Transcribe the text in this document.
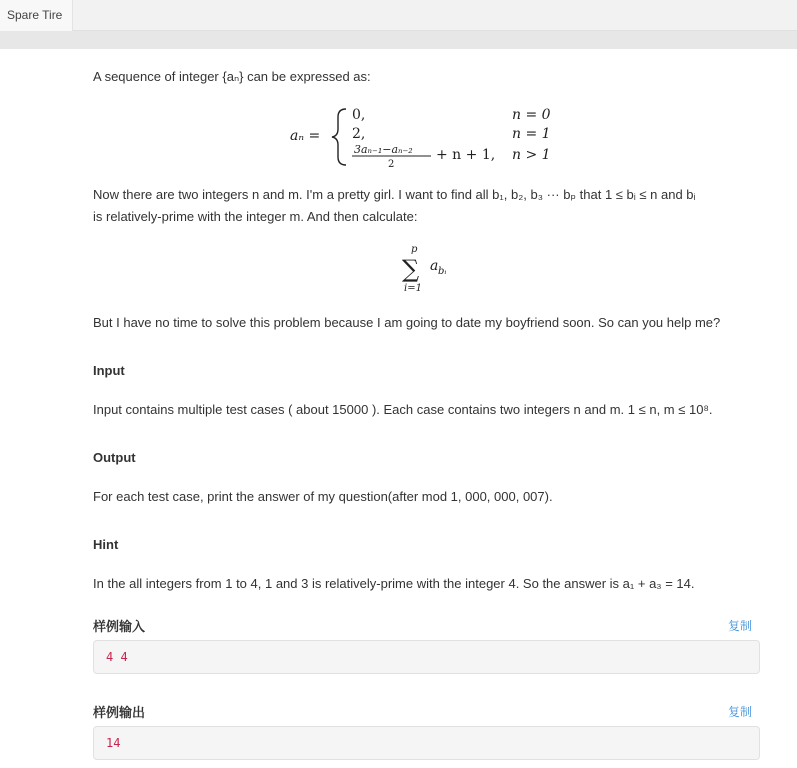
Spare Tire
A sequence of integer {aₙ} can be expressed as:
aₙ =
0,	n = 0
2,	n = 1
3aₙ₋₁−aₙ₋₂
2
+ n + 1, n > 1
Now there are two integers n and m. I'm a pretty girl. I want to find all b₁, b₂, b₃ ··· bₚ that 1 ≤ bᵢ ≤ n and bᵢ
is relatively-prime with the integer m. And then calculate:
p
∑
i=1
a bᵢ
But I have no time to solve this problem because I am going to date my boyfriend soon. So can you help me?
Input
Input contains multiple test cases ( about 15000 ). Each case contains two integers n and m. 1 ≤ n, m ≤ 10⁸.
Output
For each test case, print the answer of my question(after mod 1, 000, 000, 007).
Hint
In the all integers from 1 to 4, 1 and 3 is relatively-prime with the integer 4. So the answer is a₁ + a₃ = 14.
样例输入	复制
4 4
样例输出	复制
14
